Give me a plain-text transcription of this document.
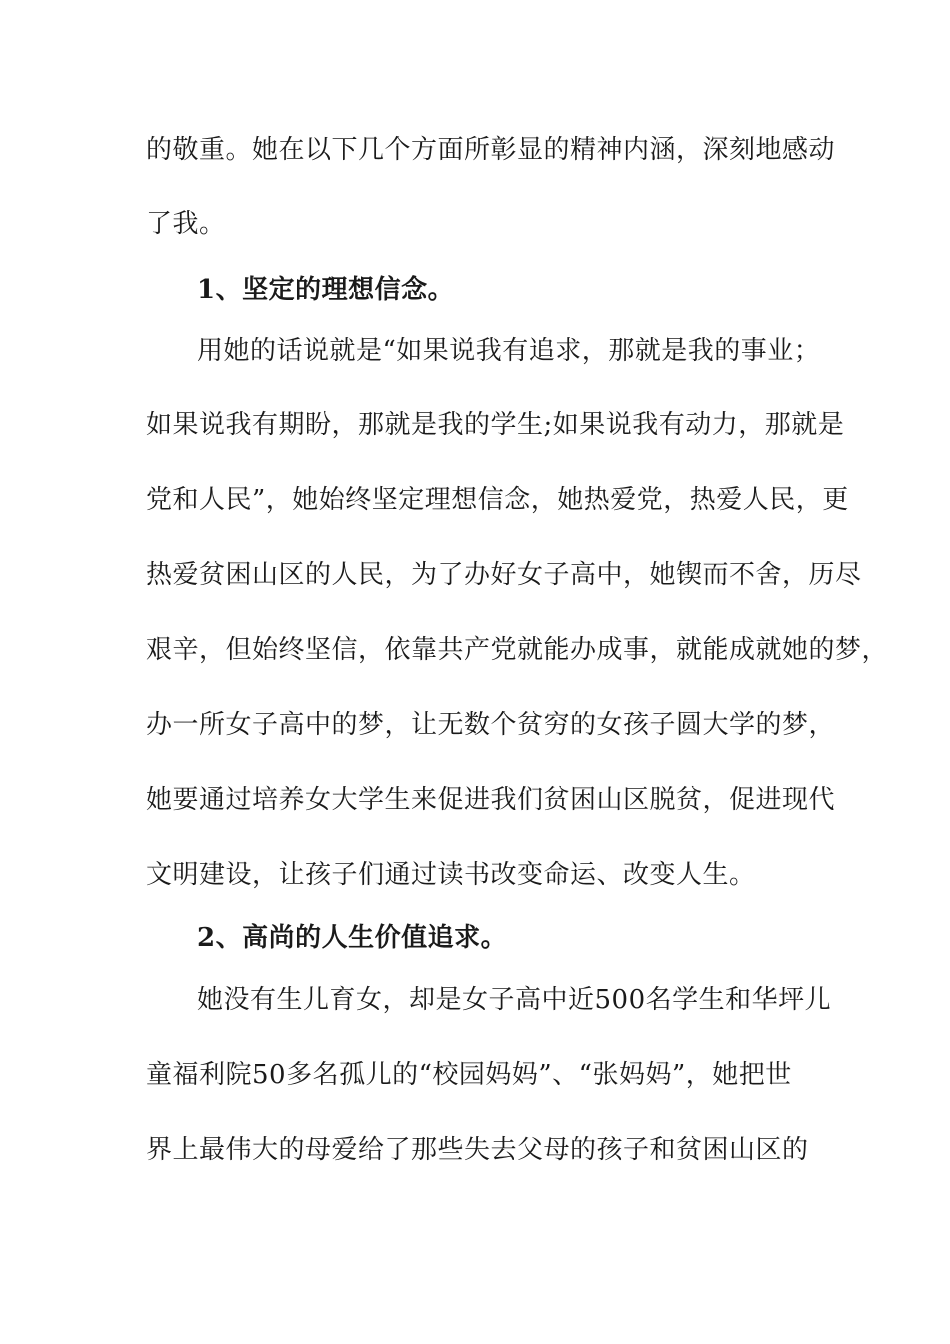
的敬重。她在以下几个方面所彰显的精神内涵，深刻地感动
了我。
1、坚定的理想信念。
用她的话说就是“如果说我有追求，那就是我的事业；
如果说我有期盼，那就是我的学生;如果说我有动力，那就是
党和人民”，她始终坚定理想信念，她热爱党，热爱人民，更
热爱贫困山区的人民，为了办好女子高中，她锲而不舍，历尽
艰辛，但始终坚信，依靠共产党就能办成事，就能成就她的梦，
办一所女子高中的梦，让无数个贫穷的女孩子圆大学的梦，
她要通过培养女大学生来促进我们贫困山区脱贫，促进现代
文明建设，让孩子们通过读书改变命运、改变人生。
2、高尚的人生价值追求。
她没有生儿育女，却是女子高中近500名学生和华坪儿
童福利院50多名孤儿的“校园妈妈”、“张妈妈”，她把世
界上最伟大的母爱给了那些失去父母的孩子和贫困山区的
